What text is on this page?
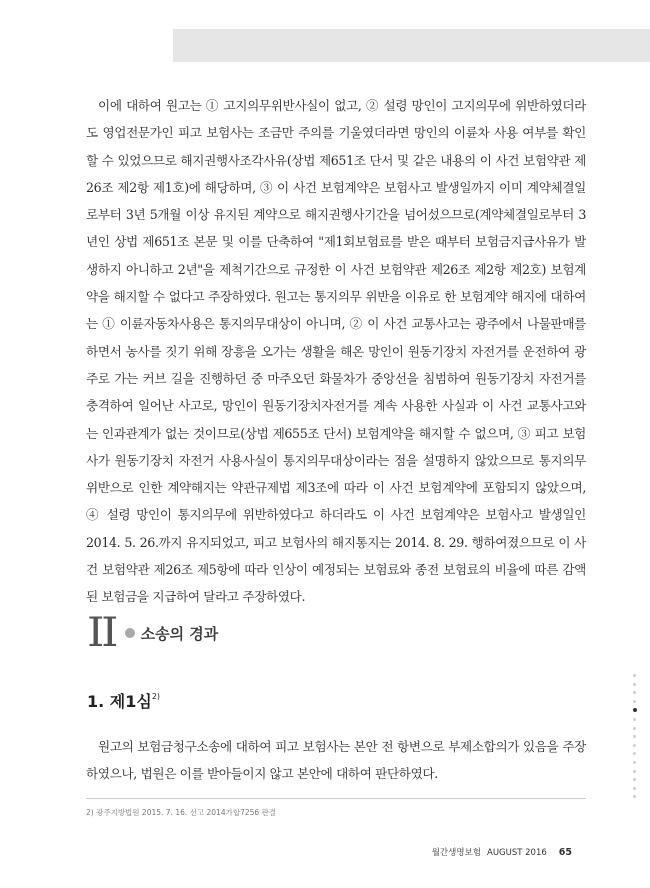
이에 대하여 원고는 ① 고지의무위반사실이 없고, ② 설령 망인이 고지의무에 위반하였더라도 영업전문가인 피고 보험사는 조금만 주의를 기울였더라면 망인의 이륜차 사용 여부를 확인할 수 있었으므로 해지권행사조각사유(상법 제651조 단서 및 같은 내용의 이 사건 보험약관 제26조 제2항 제1호)에 해당하며, ③ 이 사건 보험계약은 보험사고 발생일까지 이미 계약체결일로부터 3년 5개월 이상 유지된 계약으로 해지권행사기간을 넘어섰으므로(계약체결일로부터 3년인 상법 제651조 본문 및 이를 단축하여 "제1회보험료를 받은 때부터 보험금지급사유가 발생하지 아니하고 2년"을 제척기간으로 규정한 이 사건 보험약관 제26조 제2항 제2호) 보험계약을 해지할 수 없다고 주장하였다. 원고는 통지의무 위반을 이유로 한 보험계약 해지에 대하여는 ① 이륜자동차사용은 통지의무대상이 아니며, ② 이 사건 교통사고는 광주에서 나물판매를 하면서 농사를 짓기 위해 장흥을 오가는 생활을 해온 망인이 원동기장치 자전거를 운전하여 광주로 가는 커브 길을 진행하던 중 마주오던 화물차가 중앙선을 침범하여 원동기장치 자전거를 충격하여 일어난 사고로, 망인이 원동기장치자전거를 계속 사용한 사실과 이 사건 교통사고와는 인과관계가 없는 것이므로(상법 제655조 단서) 보험계약을 해지할 수 없으며, ③ 피고 보험사가 원동기장치 자전거 사용사실이 통지의무대상이라는 점을 설명하지 않았으므로 통지의무 위반으로 인한 계약해지는 약관규제법 제3조에 따라 이 사건 보험계약에 포함되지 않았으며, ④ 설령 망인이 통지의무에 위반하였다고 하더라도 이 사건 보험계약은 보험사고 발생일인 2014. 5. 26.까지 유지되었고, 피고 보험사의 해지통지는 2014. 8. 29. 행하여졌으므로 이 사건 보험약관 제26조 제5항에 따라 인상이 예정되는 보험료와 종전 보험료의 비율에 따른 감액된 보험금을 지급하여 달라고 주장하였다.

II 소송의 경과
1. 제1심$^{2)}$

원고의 보험금청구소송에 대하여 피고 보험사는 본안 전 항변으로 부제소합의가 있음을 주장하였으나, 법원은 이를 받아들이지 않고 본안에 대하여 판단하였다.

2) 광주지방법원 2015. 7. 16. 선고 2014가합7256 판결
월간생명보험 AUGUST 2016 65
